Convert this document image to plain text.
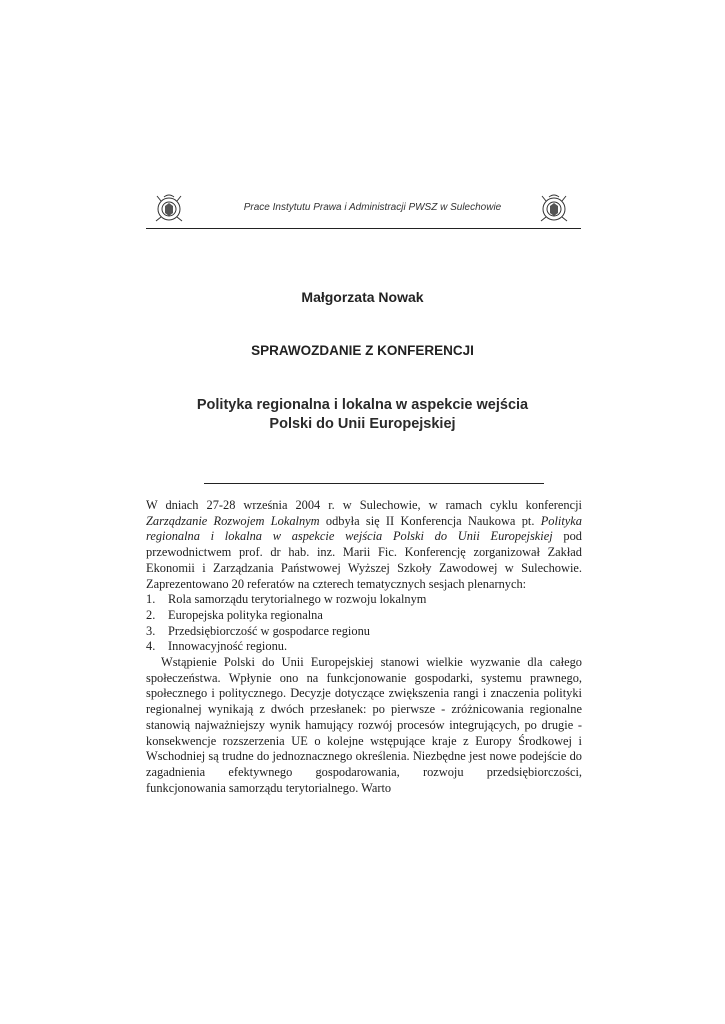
Prace Instytutu Prawa i Administracji PWSZ w Sulechowie
Małgorzata Nowak
SPRAWOZDANIE Z KONFERENCJI
Polityka regionalna i lokalna w aspekcie wejścia
Polski do Unii Europejskiej

W dniach 27-28 września 2004 r. w Sulechowie, w ramach cyklu konferencji Zarządzanie Rozwojem Lokalnym odbyła się II Konferencja Naukowa pt. Polityka regionalna i lokalna w aspekcie wejścia Polski do Unii Europejskiej pod przewodnictwem prof. dr hab. inz. Marii Fic. Konferencję zorganizował Zakład Ekonomii i Zarządzania Państwowej Wyższej Szkoły Zawodowej w Sulechowie. Zaprezentowano 20 referatów na czterech tematycznych sesjach plenarnych:

1.	Rola samorządu terytorialnego w rozwoju lokalnym
2.	Europejska polityka regionalna
3.	Przedsiębiorczość w gospodarce regionu
4.	Innowacyjność regionu.

Wstąpienie Polski do Unii Europejskiej stanowi wielkie wyzwanie dla całego społeczeństwa. Wpłynie ono na funkcjonowanie gospodarki, systemu prawnego, społecznego i politycznego. Decyzje dotyczące zwiększenia rangi i znaczenia polityki regionalnej wynikają z dwóch przesłanek: po pierwsze - zróżnicowania regionalne stanowią najważniejszy wynik hamujący rozwój procesów integrujących, po drugie - konsekwencje rozszerzenia UE o kolejne wstępujące kraje z Europy Środkowej i Wschodniej są trudne do jednoznacznego określenia. Niezbędne jest nowe podejście do zagadnienia efektywnego gospodarowania, rozwoju przedsiębiorczości, funkcjonowania samorządu terytorialnego. Warto
